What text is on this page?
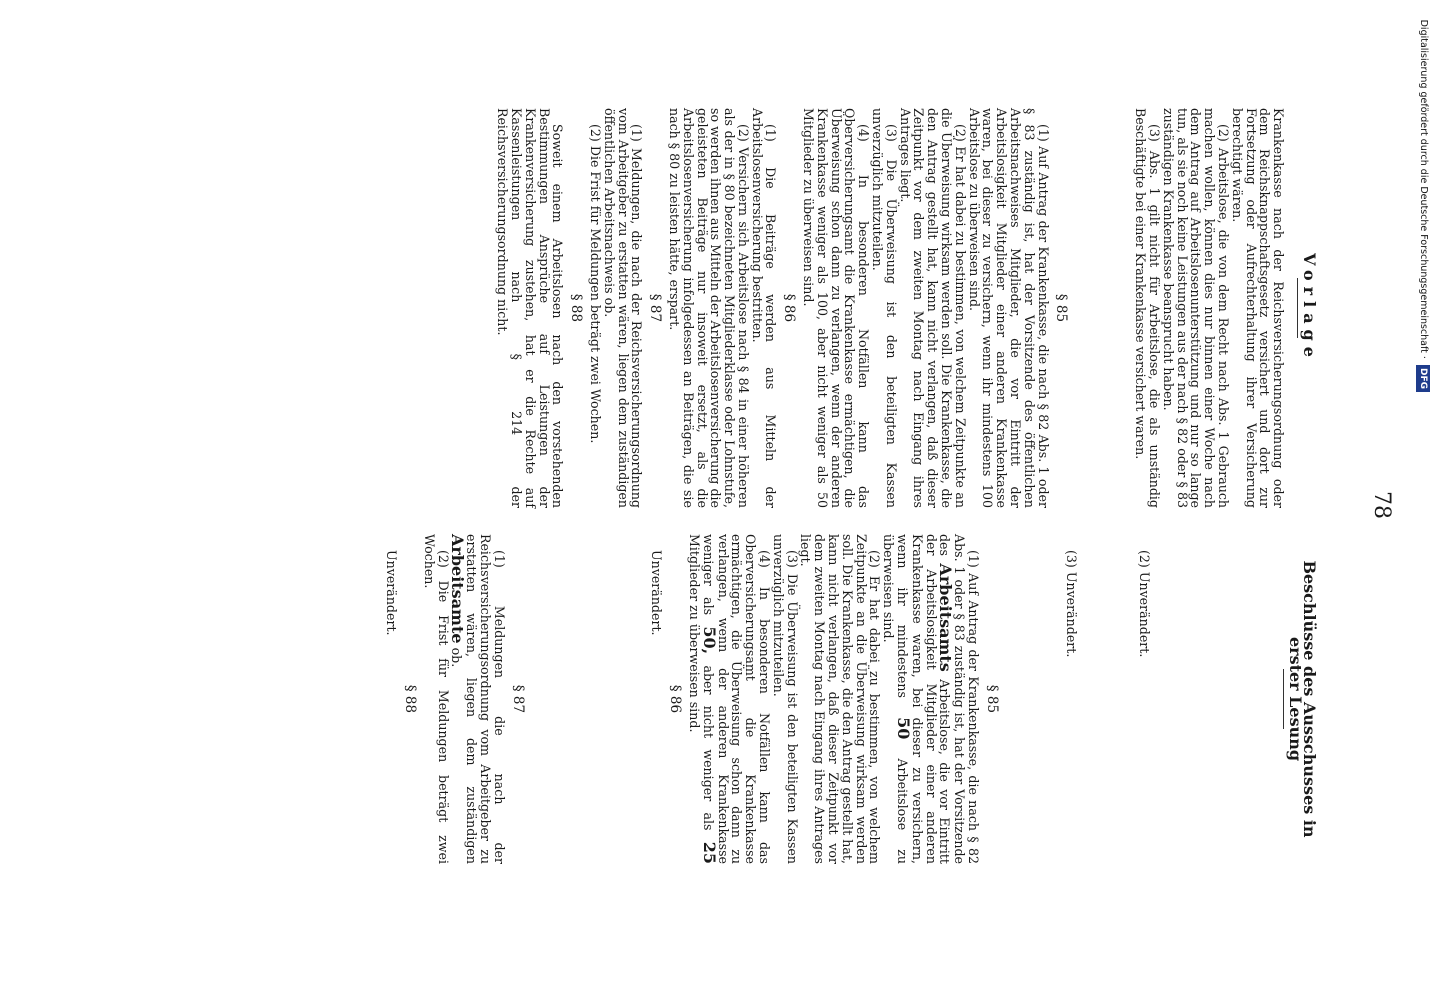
78
Vorlage

Krankenkasse nach der Reichsversicherungsordnung oder dem Reichsknappschaftsgesetz versichert und dort zur Fortsetzung oder Aufrechterhaltung ihrer Versicherung berechtigt wären.

(2) Arbeitslose, die von dem Recht nach Abs. 1 Gebrauch machen wollen, können dies nur binnen einer Woche nach dem Antrag auf Arbeitslosenunterstützung und nur so lange tun, als sie noch keine Leistungen aus der nach § 82 oder § 83 zuständigen Krankenkasse beansprucht haben.

(3) Abs. 1 gilt nicht für Arbeitslose, die als unständig Beschäftigte bei einer Krankenkasse versichert waren.

§ 85

(1) Auf Antrag der Krankenkasse, die nach § 82 Abs. 1 oder § 83 zuständig ist, hat der Vorsitzende des öffentlichen Arbeitsnachweises Mitglieder, die vor Eintritt der Arbeitslosigkeit Mitglieder einer anderen Krankenkasse waren, bei dieser zu versichern, wenn ihr mindestens 100 Arbeitslose zu überweisen sind.

(2) Er hat dabei zu bestimmen, von welchem Zeitpunkte an die Überweisung wirksam werden soll. Die Krankenkasse, die den Antrag gestellt hat, kann nicht verlangen, daß dieser Zeitpunkt vor dem zweiten Montag nach Eingang ihres Antrages liegt.

(3) Die Überweisung ist den beteiligten Kassen unverzüglich mitzuteilen.

(4) In besonderen Notfällen kann das Oberversicherungsamt die Krankenkasse ermächtigen, die Überweisung schon dann zu verlangen, wenn der anderen Krankenkasse weniger als 100, aber nicht weniger als 50 Mitglieder zu überweisen sind.

§ 86

(1) Die Beiträge werden aus Mitteln der Arbeitslosenversicherung bestritten.

(2) Versichern sich Arbeitslose nach § 84 in einer höheren als der in § 80 bezeichneten Mitgliederklasse oder Lohnstufe, so werden ihnen aus Mitteln der Arbeitslosenversicherung die geleisteten Beiträge nur insoweit ersetzt, als die Arbeitslosenversicherung infolgedessen an Beiträgen, die sie nach § 80 zu leisten hätte, erspart.

§ 87

(1) Meldungen, die nach der Reichsversicherungsordnung vom Arbeitgeber zu erstatten wären, liegen dem zuständigen öffentlichen Arbeitsnachweis ob.

(2) Die Frist für Meldungen beträgt zwei Wochen.

§ 88

Soweit einem Arbeitslosen nach den vorstehenden Bestimmungen Ansprüche auf Leistungen der Krankenversicherung zustehen, hat er die Rechte auf Kassenleistungen nach § 214 der Reichsversicherungsordnung nicht.

Beschlüsse des Ausschusses in erster Lesung

(2) Unverändert.

(3) Unverändert.

§ 85

(1) Auf Antrag der Krankenkasse, die nach § 82 Abs. 1 oder § 83 zuständig ist, hat der Vorsitzende des Arbeitsamts Arbeitslose, die vor Eintritt der Arbeitslosigkeit Mitglieder einer anderen Krankenkasse waren, bei dieser zu versichern, wenn ihr mindestens 50 Arbeitslose zu überweisen sind.

(2) Er hat dabei zu bestimmen, von welchem Zeitpunkte an die Überweisung wirksam werden soll. Die Krankenkasse, die den Antrag gestellt hat, kann nicht verlangen, daß dieser Zeitpunkt vor dem zweiten Montag nach Eingang ihres Antrages liegt.

(3) Die Überweisung ist den beteiligten Kassen unverzüglich mitzuteilen.

(4) In besonderen Notfällen kann das Oberversicherungsamt die Krankenkasse ermächtigen, die Überweisung schon dann zu verlangen, wenn der anderen Krankenkasse weniger als 50, aber nicht weniger als 25 Mitglieder zu überweisen sind.

§ 86

Unverändert.

§ 87

(1) Meldungen die nach der Reichsversicherungsordnung vom Arbeitgeber zu erstatten wären, liegen dem zuständigen Arbeitsamte ob.

(2) Die Frist für Meldungen beträgt zwei Wochen.

§ 88

Unverändert.

Digitalisierung gefördert durch die Deutsche Forschungsgemeinschaft · DFG
